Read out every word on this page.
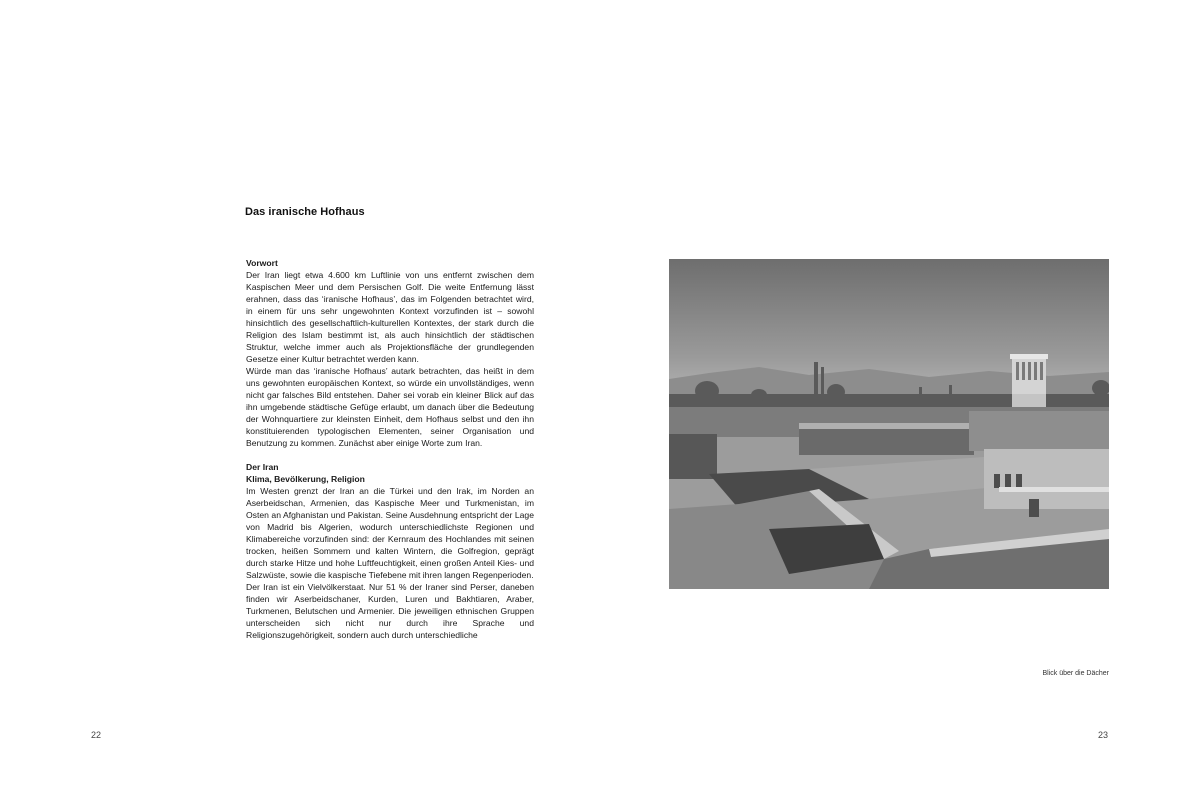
Das iranische Hofhaus
Vorwort
Der Iran liegt etwa 4.600 km Luftlinie von uns entfernt zwischen dem Kaspischen Meer und dem Persischen Golf. Die weite Entfernung lässt erahnen, dass das ‘iranische Hofhaus’, das im Folgenden betrachtet wird, in einem für uns sehr ungewohnten Kontext vorzufinden ist – sowohl hinsichtlich des gesellschaftlich-kulturellen Kontextes, der stark durch die Religion des Islam bestimmt ist, als auch hinsichtlich der städtischen Struktur, welche immer auch als Projektionsfläche der grundlegenden Gesetze einer Kultur betrachtet werden kann.
Würde man das ‘iranische Hofhaus’ autark betrachten, das heißt in dem uns gewohnten europäischen Kontext, so würde ein unvollständiges, wenn nicht gar falsches Bild entstehen. Daher sei vorab ein kleiner Blick auf das ihn umgebende städtische Gefüge erlaubt, um danach über die Bedeutung der Wohnquartiere zur kleinsten Einheit, dem Hofhaus selbst und den ihn konstituierenden typologischen Elementen, seiner Organisation und Benutzung zu kommen. Zunächst aber einige Worte zum Iran.
Der Iran
Klima, Bevölkerung, Religion
Im Westen grenzt der Iran an die Türkei und den Irak, im Norden an Aserbeidschan, Armenien, das Kaspische Meer und Turkmenistan, im Osten an Afghanistan und Pakistan. Seine Ausdehnung entspricht der Lage von Madrid bis Algerien, wodurch unterschiedlichste Regionen und Klimabereiche vorzufinden sind: der Kernraum des Hochlandes mit seinen trocken, heißen Sommern und kalten Wintern, die Golfregion, geprägt durch starke Hitze und hohe Luftfeuchtigkeit, einen großen Anteil Kies- und Salzwüste, sowie die kaspische Tiefebene mit ihren langen Regenperioden.
Der Iran ist ein Vielvölkerstaat. Nur 51 % der Iraner sind Perser, daneben finden wir Aserbeidschaner, Kurden, Luren und Bakhtiaren, Araber, Turkmenen, Belutschen und Armenier. Die jeweiligen ethnischen Gruppen unterscheiden sich nicht nur durch ihre Sprache und Religionszugehörigkeit, sondern auch durch unterschiedliche
22
Blick über die Dächer
23
